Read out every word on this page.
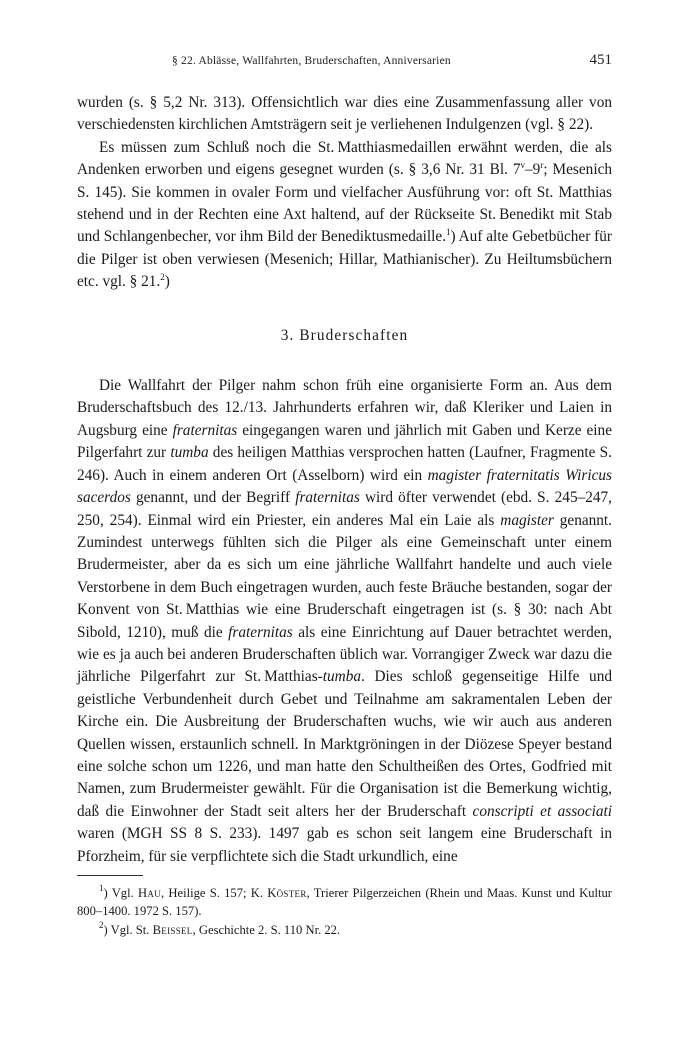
§ 22. Ablässe, Wallfahrten, Bruderschaften, Anniversarien	451

wurden (s. § 5,2 Nr. 313). Offensichtlich war dies eine Zusammenfassung aller von verschiedensten kirchlichen Amtsträgern seit je verliehenen Indulgenzen (vgl. § 22).

Es müssen zum Schluß noch die St. Matthiasmedaillen erwähnt werden, die als Andenken erworben und eigens gesegnet wurden (s. § 3,6 Nr. 31 Bl. 7$^v$–9$^r$; Mesenich S. 145). Sie kommen in ovaler Form und vielfacher Ausführung vor: oft St. Matthias stehend und in der Rechten eine Axt haltend, auf der Rückseite St. Benedikt mit Stab und Schlangenbecher, vor ihm Bild der Benediktusmedaille.$^1$) Auf alte Gebetbücher für die Pilger ist oben verwiesen (Mesenich; Hillar, Mathianischer). Zu Heiltumsbüchern etc. vgl. § 21.$^2$)

3. Bruderschaften

Die Wallfahrt der Pilger nahm schon früh eine organisierte Form an. Aus dem Bruderschaftsbuch des 12./13. Jahrhunderts erfahren wir, daß Kleriker und Laien in Augsburg eine fraternitas eingegangen waren und jährlich mit Gaben und Kerze eine Pilgerfahrt zur tumba des heiligen Matthias versprochen hatten (Laufner, Fragmente S. 246). Auch in einem anderen Ort (Asselborn) wird ein magister fraternitatis Wiricus sacerdos genannt, und der Begriff fraternitas wird öfter verwendet (ebd. S. 245–247, 250, 254). Einmal wird ein Priester, ein anderes Mal ein Laie als magister genannt. Zumindest unterwegs fühlten sich die Pilger als eine Gemeinschaft unter einem Brudermeister, aber da es sich um eine jährliche Wallfahrt handelte und auch viele Verstorbene in dem Buch eingetragen wurden, auch feste Bräuche bestanden, sogar der Konvent von St. Matthias wie eine Bruderschaft eingetragen ist (s. § 30: nach Abt Sibold, 1210), muß die fraternitas als eine Einrichtung auf Dauer betrachtet werden, wie es ja auch bei anderen Bruderschaften üblich war. Vorrangiger Zweck war dazu die jährliche Pilgerfahrt zur St. Matthias-tumba. Dies schloß gegenseitige Hilfe und geistliche Verbundenheit durch Gebet und Teilnahme am sakramentalen Leben der Kirche ein. Die Ausbreitung der Bruderschaften wuchs, wie wir auch aus anderen Quellen wissen, erstaunlich schnell. In Marktgröningen in der Diözese Speyer bestand eine solche schon um 1226, und man hatte den Schultheißen des Ortes, Godfried mit Namen, zum Brudermeister gewählt. Für die Organisation ist die Bemerkung wichtig, daß die Einwohner der Stadt seit alters her der Bruderschaft conscripti et associati waren (MGH SS 8 S. 233). 1497 gab es schon seit langem eine Bruderschaft in Pforzheim, für sie verpflichtete sich die Stadt urkundlich, eine

$^1$) Vgl. Hau, Heilige S. 157; K. Köster, Trierer Pilgerzeichen (Rhein und Maas. Kunst und Kultur 800–1400. 1972 S. 157).

$^2$) Vgl. St. Beissel, Geschichte 2. S. 110 Nr. 22.
